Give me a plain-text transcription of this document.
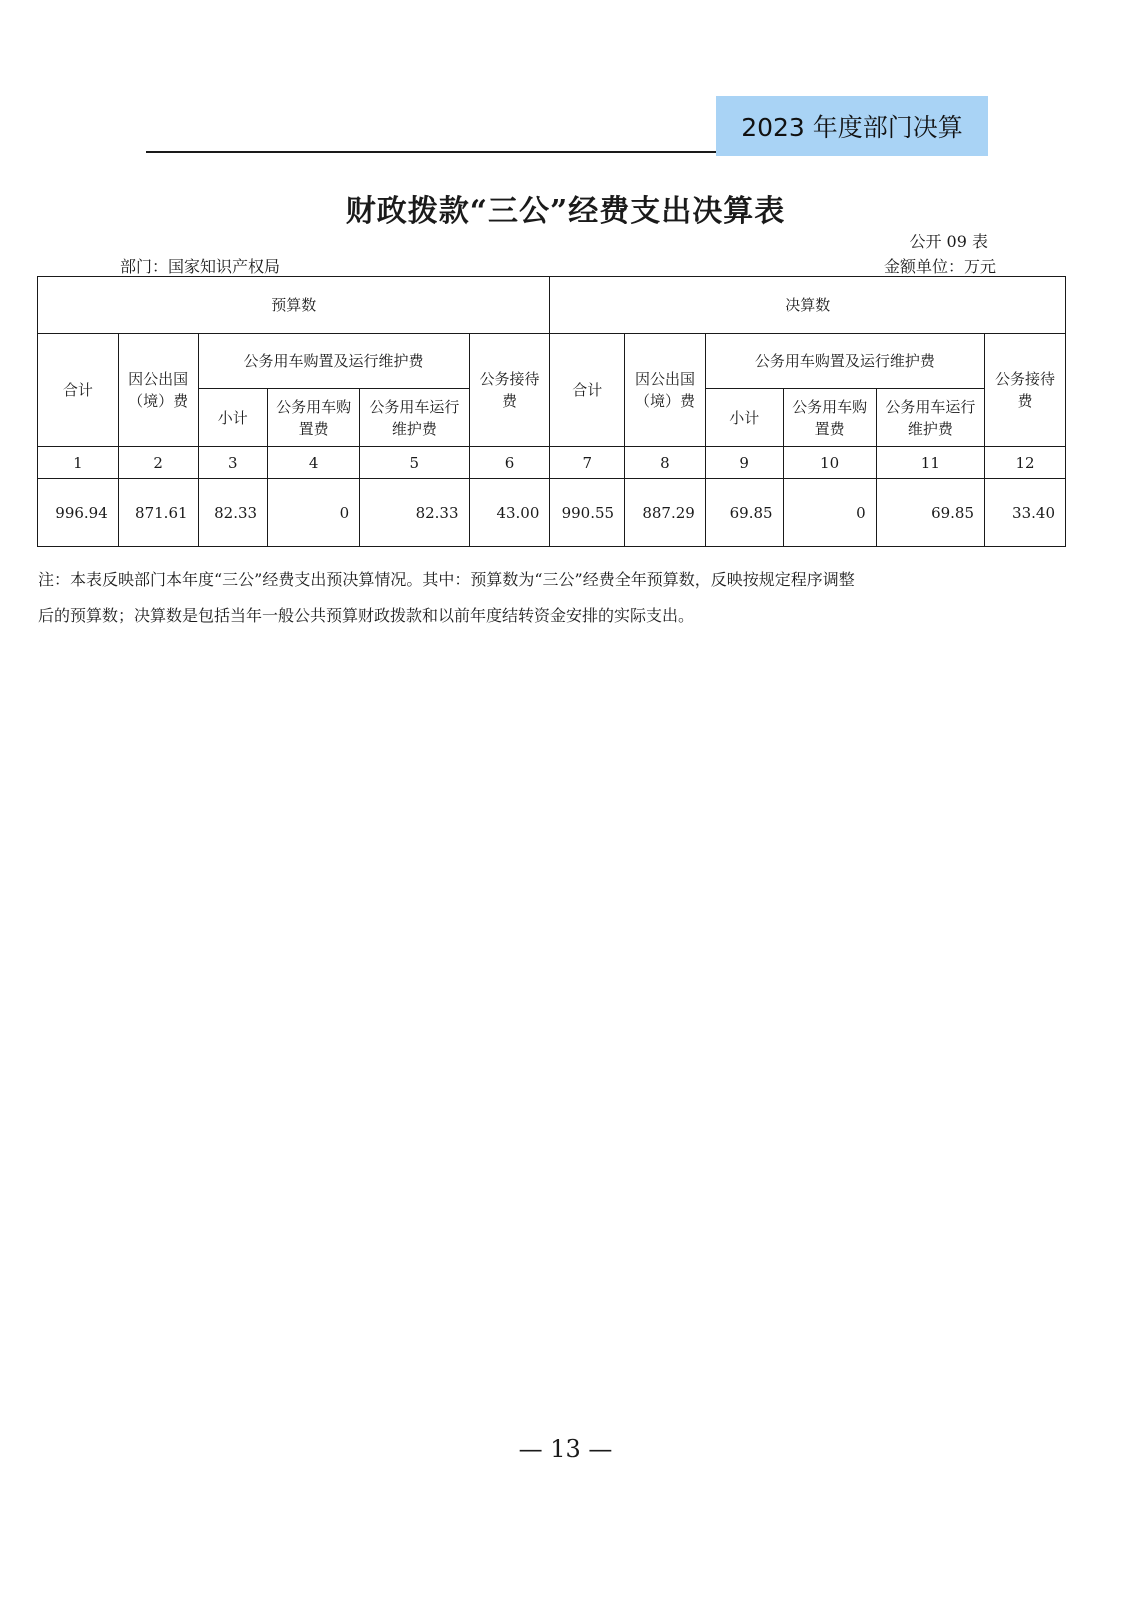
2023 年度部门决算
财政拨款“三公”经费支出决算表
公开 09 表
部门：国家知识产权局	金额单位：万元
预算数						决算数					
合计	因公出国（境）费	公务用车购置及运行维护费			公务接待费	合计	因公出国（境）费	公务用车购置及运行维护费			公务接待费
		小计	公务用车购置费	公务用车运行维护费				小计	公务用车购置费	公务用车运行维护费	
1	2	3	4	5	6	7	8	9	10	11	12
996.94	871.61	82.33	0	82.33	43.00	990.55	887.29	69.85	0	69.85	33.40
注：本表反映部门本年度“三公”经费支出预决算情况。其中：预算数为“三公”经费全年预算数，反映按规定程序调整
后的预算数；决算数是包括当年一般公共预算财政拨款和以前年度结转资金安排的实际支出。
— 13 —
